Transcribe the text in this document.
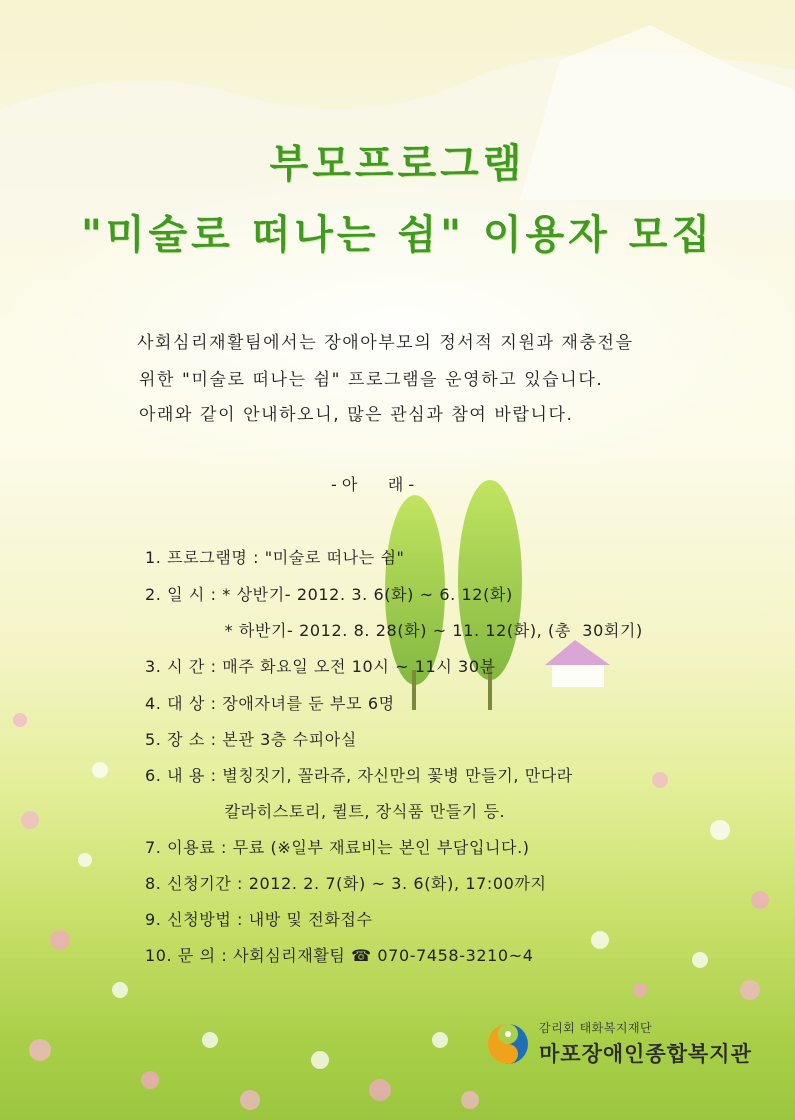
부모프로그램
"미술로 떠나는 쉼" 이용자 모집
사회심리재활팀에서는 장애아부모의 정서적 지원과 재충전을
위한 "미술로 떠나는 쉼" 프로그램을 운영하고 있습니다.
아래와 같이 안내하오니, 많은 관심과 참여 바랍니다.
- 아      래 -
1. 프로그램명 : "미술로 떠나는 쉼"
2. 일 시 : * 상반기- 2012. 3. 6(화) ~ 6. 12(화)
* 하반기- 2012. 8. 28(화) ~ 11. 12(화), (총  30회기)
3. 시 간 : 매주 화요일 오전 10시 ~ 11시 30분
4. 대 상 : 장애자녀를 둔 부모 6명
5. 장 소 : 본관 3층 수피아실
6. 내 용 : 별칭짓기, 꼴라쥬, 자신만의 꽃병 만들기, 만다라
칼라히스토리, 퀼트, 장식품 만들기 등.
7. 이용료 : 무료 (※일부 재료비는 본인 부담입니다.)
8. 신청기간 : 2012. 2. 7(화) ~ 3. 6(화), 17:00까지
9. 신청방법 : 내방 및 전화접수
10. 문 의 : 사회심리재활팀 ☎ 070-7458-3210~4
감리회 태화복지재단
마포장애인종합복지관
